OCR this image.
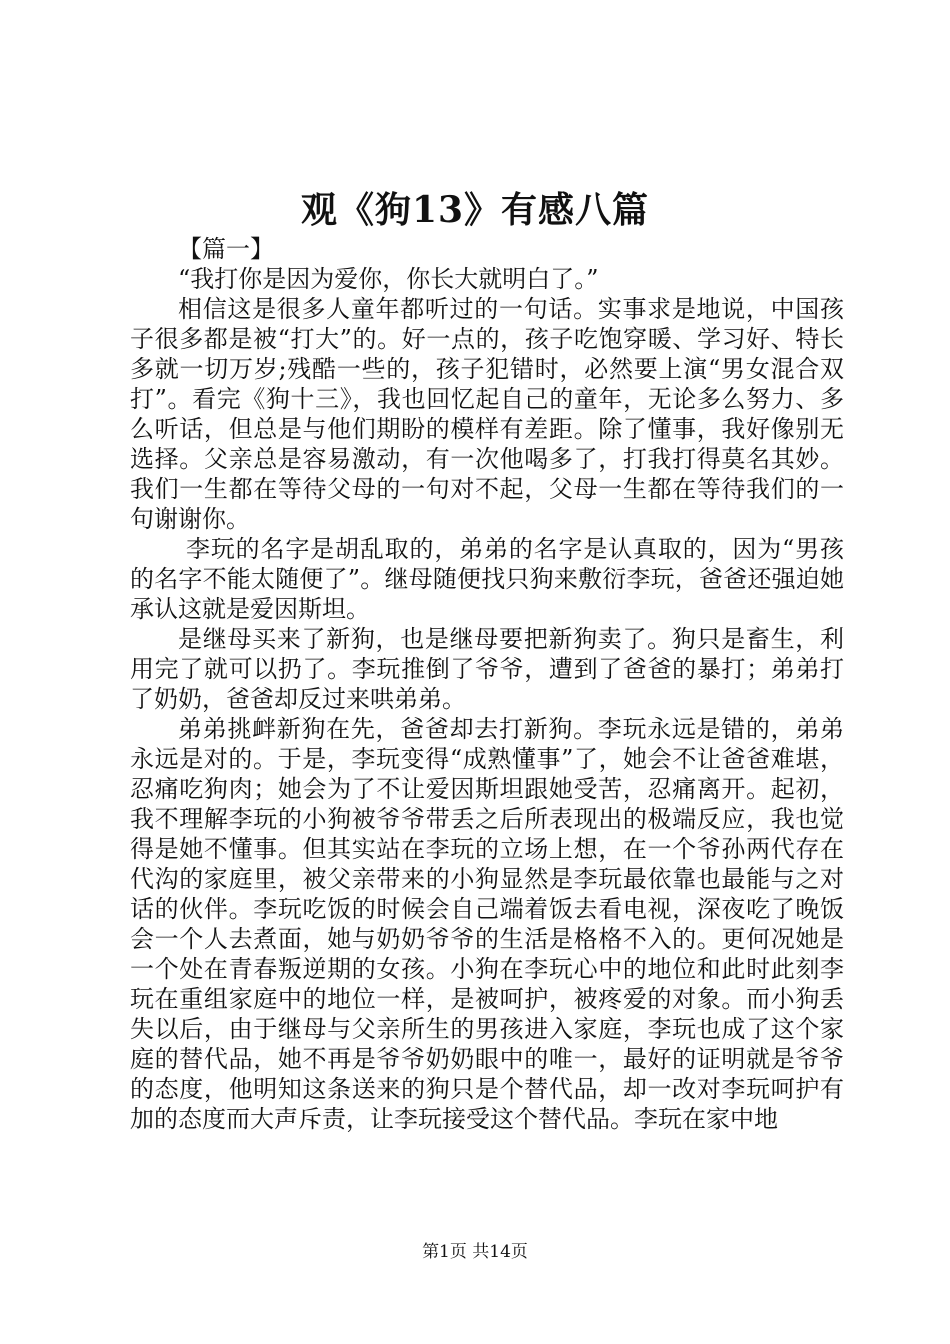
观《狗13》有感八篇

【篇一】

“我打你是因为爱你，你长大就明白了。”

相信这是很多人童年都听过的一句话。实事求是地说，中国孩子很多都是被“打大”的。好一点的，孩子吃饱穿暖、学习好、特长多就一切万岁;残酷一些的，孩子犯错时，必然要上演“男女混合双打”。看完《狗十三》，我也回忆起自己的童年，无论多么努力、多么听话，但总是与他们期盼的模样有差距。除了懂事，我好像别无选择。父亲总是容易激动，有一次他喝多了，打我打得莫名其妙。我们一生都在等待父母的一句对不起，父母一生都在等待我们的一句谢谢你。

李玩的名字是胡乱取的，弟弟的名字是认真取的，因为“男孩的名字不能太随便了”。继母随便找只狗来敷衍李玩，爸爸还强迫她承认这就是爱因斯坦。

是继母买来了新狗，也是继母要把新狗卖了。狗只是畜生，利用完了就可以扔了。李玩推倒了爷爷，遭到了爸爸的暴打；弟弟打了奶奶，爸爸却反过来哄弟弟。

弟弟挑衅新狗在先，爸爸却去打新狗。李玩永远是错的，弟弟永远是对的。于是，李玩变得“成熟懂事”了，她会不让爸爸难堪，忍痛吃狗肉；她会为了不让爱因斯坦跟她受苦，忍痛离开。起初，我不理解李玩的小狗被爷爷带丢之后所表现出的极端反应，我也觉得是她不懂事。但其实站在李玩的立场上想，在一个爷孙两代存在代沟的家庭里，被父亲带来的小狗显然是李玩最依靠也最能与之对话的伙伴。李玩吃饭的时候会自己端着饭去看电视，深夜吃了晚饭会一个人去煮面，她与奶奶爷爷的生活是格格不入的。更何况她是一个处在青春叛逆期的女孩。小狗在李玩心中的地位和此时此刻李玩在重组家庭中的地位一样，是被呵护，被疼爱的对象。而小狗丢失以后，由于继母与父亲所生的男孩进入家庭，李玩也成了这个家庭的替代品，她不再是爷爷奶奶眼中的唯一，最好的证明就是爷爷的态度，他明知这条送来的狗只是个替代品，却一改对李玩呵护有加的态度而大声斥责，让李玩接受这个替代品。李玩在家中地

第1页 共14页
